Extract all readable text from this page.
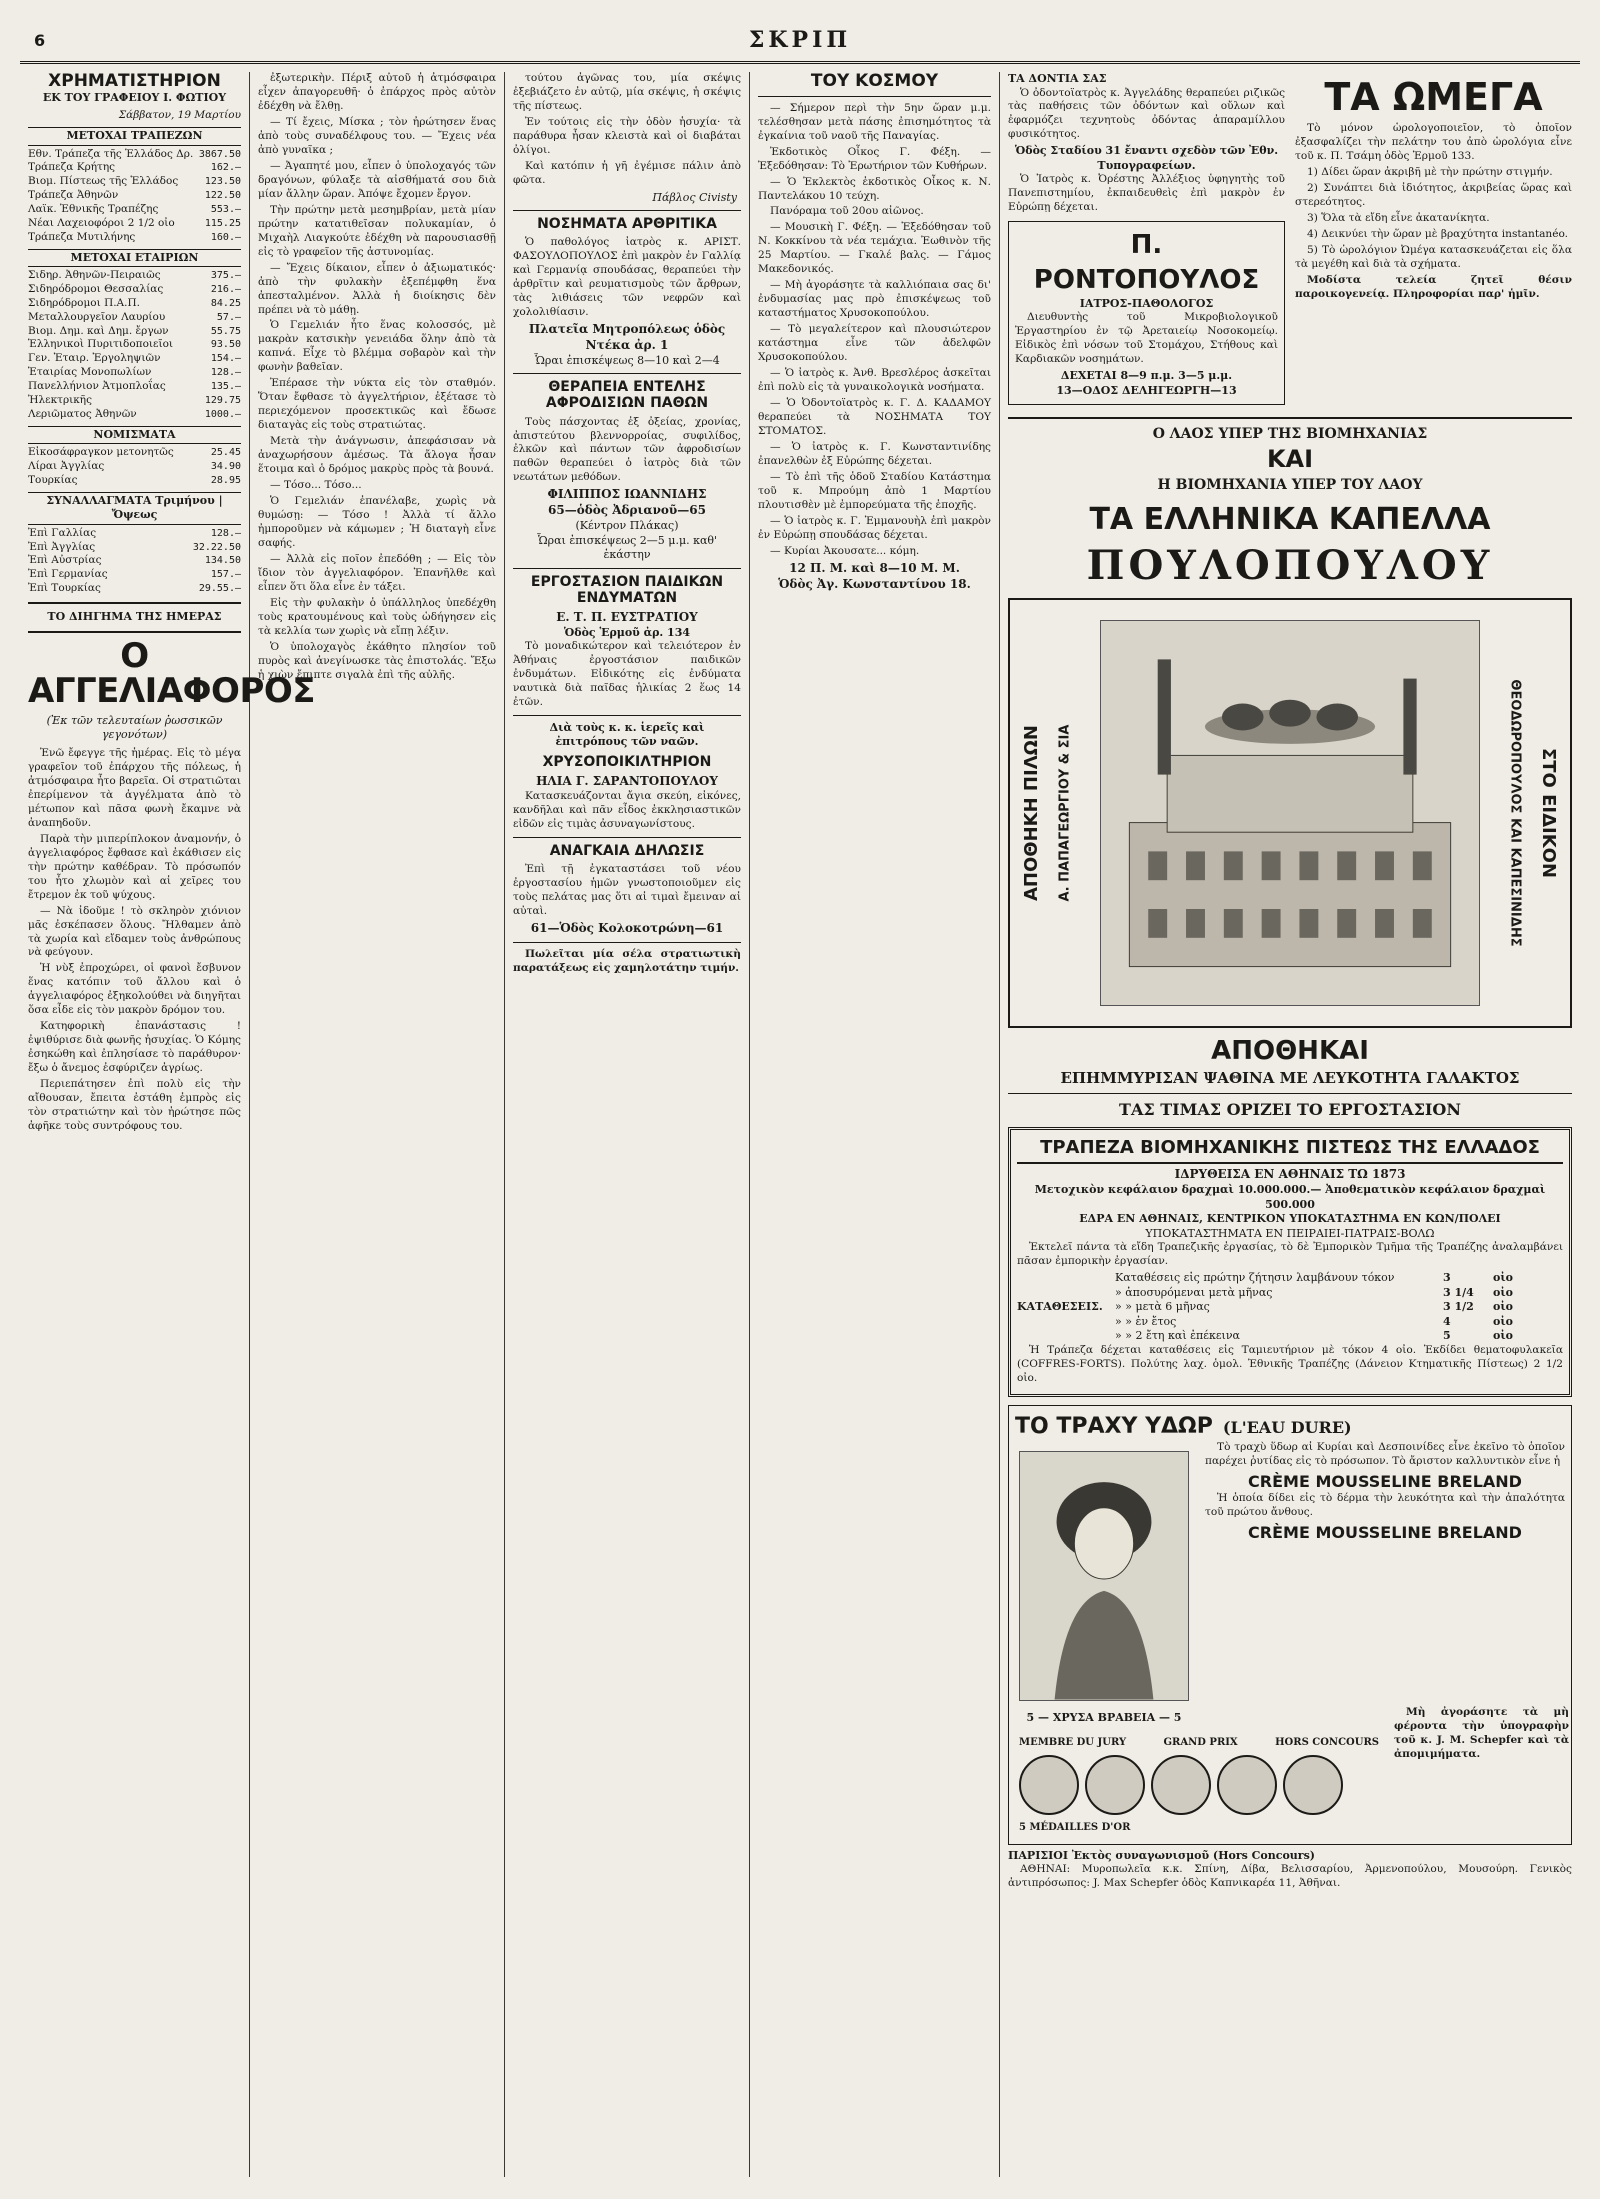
6	ΣΚΡΙΠ
ΧΡΗΜΑΤΙΣΤΗΡΙΟΝ
ΕΚ ΤΟΥ ΓΡΑΦΕΙΟΥ Ι. ΦΩΤΙΟΥ
Σάββατον, 19 Μαρτίου
ΜΕΤΟΧΑΙ ΤΡΑΠΕΖΩΝ
Εθν. Τράπεζα τῆς Ἑλλάδος Δρ. 3867.50
Τράπεζα Κρήτης	162.—
Βιομ. Πίστεως τῆς Ἑλλάδος	123.50
Τράπεζα Ἀθηνῶν	122.50
Λαϊκ. Ἐθνικῆς Τραπέζης	553.—
Νέαι Λαχειοφόροι 2 1/2 οἰο	115.25
Τράπεζα Μυτιλήνης	160.—
ΜΕΤΟΧΑΙ ΕΤΑΙΡΙΩΝ
Σιδηρ. Ἀθηνῶν-Πειραιῶς	375.—
Σιδηρόδρομοι Θεσσαλίας	216.—
Σιδηρόδρομοι Π.Α.Π.	84.25
Μεταλλουργεῖον Λαυρίου	57.—
Βιομ. Δημ. καὶ Δημ. ἔργων	55.75
Ἑλληνικοὶ Πυριτιδοποιεῖοι	93.50
Γεν. Ἑταιρ. Ἐργοληψιῶν	154.—
Ἑταιρίας Μονοπωλίων	128.—
Πανελλήνιον Ἀτμοπλοΐας	135.—
Ἠλεκτρικῆς	129.75
Λεριῶματος Ἀθηνῶν	1000.—
ΝΟΜΙΣΜΑΤΑ
Εἰκοσάφραγκον μετονητῶς	25.45
Λίραι Ἀγγλίας	34.90
Τουρκίας	28.95
ΣΥΝΑΛΛΑΓΜΑΤΑ Τριμήνου | Ὄψεως
Ἐπὶ Γαλλίας	128.—
Ἐπὶ Ἀγγλίας	32.22.50
Ἐπὶ Αὐστρίας	134.50
Ἐπὶ Γερμανίας	157.—
Ἐπὶ Τουρκίας	29.55.—
ΤΟ ΔΙΗΓΗΜΑ ΤΗΣ ΗΜΕΡΑΣ
Ο ΑΓΓΕΛΙΑΦΟΡΟΣ
(Ἐκ τῶν τελευταίων ῥωσσικῶν γεγονότων)

Ἐνῶ ἔφεγγε τῆς ἡμέρας. Εἰς τὸ μέγα γραφεῖον τοῦ ἐπάρχου τῆς πόλεως, ἡ ἀτμόσφαιρα ἦτο βαρεῖα. Οἱ στρατιῶται ἐπερίμενον τὰ ἀγγέλματα ἀπὸ τὸ μέτωπον καὶ πᾶσα φωνὴ ἔκαμνε νὰ ἀναπηδοῦν.

Παρὰ τὴν μιπερίπλοκον ἀναμονήν, ὁ ἀγγελιαφόρος ἔφθασε καὶ ἐκάθισεν εἰς τὴν πρώτην καθέδραν. Τὸ πρόσωπόν του ἦτο χλωμὸν καὶ αἱ χεῖρες του ἔτρεμον ἐκ τοῦ ψύχους.

— Νὰ ἰδοῦμε ! τὸ σκληρὸν χιόνιον μᾶς ἐσκέπασεν ὅλους. Ἤλθαμεν ἀπὸ τὰ χωρία καὶ εἴδαμεν τοὺς ἀνθρώπους νὰ φεύγουν.

Ἡ νὺξ ἐπροχώρει, οἱ φανοὶ ἔσβυνον ἕνας κατόπιν τοῦ ἄλλου καὶ ὁ ἀγγελιαφόρος ἐξηκολούθει νὰ διηγῆται ὅσα εἶδε εἰς τὸν μακρὸν δρόμον του.

Κατηφορικὴ ἐπανάστασις ! ἐψιθύρισε διὰ φωνῆς ἠσυχίας. Ὁ Κόμης ἐσηκώθη καὶ ἐπλησίασε τὸ παράθυρον· ἔξω ὁ ἄνεμος ἐσφύριζεν ἀγρίως.

Περιεπάτησεν ἐπὶ πολὺ εἰς τὴν αἴθουσαν, ἔπειτα ἐστάθη ἐμπρὸς εἰς τὸν στρατιώτην καὶ τὸν ἠρώτησε πῶς ἀφῆκε τοὺς συντρόφους του.

ἐξωτερικὴν. Πέριξ αὐτοῦ ἡ ἀτμόσφαιρα εἶχεν ἀπαγορευθῆ· ὁ ἐπάρχος πρὸς αὐτὸν ἐδέχθη νὰ ἔλθῃ.

— Τί ἔχεις, Μίσκα ; τὸν ἠρώτησεν ἕνας ἀπὸ τοὺς συναδέλφους του. — Ἔχεις νέα ἀπὸ γυναῖκα ;

— Ἀγαπητέ μου, εἶπεν ὁ ὑπολοχαγός τῶν δραγόνων, φύλαξε τὰ αἰσθήματά σου διὰ μίαν ἄλλην ὥραν. Ἀπόψε ἔχομεν ἔργον.

Τὴν πρώτην μετὰ μεσημβρίαν, μετὰ μίαν πρώτην κατατιθεῖσαν πολυκαμίαν, ὁ Μιχαὴλ Λιαγκούτε ἐδέχθη νὰ παρουσιασθῇ εἰς τὸ γραφεῖον τῆς ἀστυνομίας.

— Ἔχεις δίκαιον, εἶπεν ὁ ἀξιωματικός· ἀπὸ τὴν φυλακὴν ἐξεπέμφθη ἕνα ἀπεσταλμένον. Ἀλλὰ ἡ διοίκησις δὲν πρέπει νὰ τὸ μάθῃ.

Ὁ Γεμελιάν ἦτο ἕνας κολοσσός, μὲ μακρὰν κατσικὴν γενειάδα ὅλην ἀπὸ τὰ καπνά. Εἶχε τὸ βλέμμα σοβαρὸν καὶ τὴν φωνὴν βαθεῖαν.

Ἐπέρασε τὴν νύκτα εἰς τὸν σταθμόν. Ὅταν ἔφθασε τὸ ἀγγελτήριον, ἐξέτασε τὸ περιεχόμενον προσεκτικῶς καὶ ἔδωσε διαταγὰς εἰς τοὺς στρατιώτας.

Μετὰ τὴν ἀνάγνωσιν, ἀπεφάσισαν νὰ ἀναχωρήσουν ἀμέσως. Τὰ ἄλογα ἦσαν ἕτοιμα καὶ ὁ δρόμος μακρὺς πρὸς τὰ βουνά.

— Τόσο... Τόσο...

Ὁ Γεμελιάν ἐπανέλαβε, χωρὶς νὰ θυμώσῃ: — Τόσο ! Ἀλλὰ τί ἄλλο ἠμποροῦμεν νὰ κάμωμεν ; Ἡ διαταγὴ εἶνε σαφής.

— Ἀλλὰ εἰς ποῖον ἐπεδόθη ; — Εἰς τὸν ἴδιον τὸν ἀγγελιαφόρον. Ἐπανῆλθε καὶ εἶπεν ὅτι ὅλα εἶνε ἐν τάξει.

Εἰς τὴν φυλακὴν ὁ ὑπάλληλος ὑπεδέχθη τοὺς κρατουμένους καὶ τοὺς ὡδήγησεν εἰς τὰ κελλία των χωρὶς νὰ εἴπῃ λέξιν.

Ὁ ὑπολοχαγὸς ἐκάθητο πλησίον τοῦ πυρὸς καὶ ἀνεγίνωσκε τὰς ἐπιστολάς. Ἔξω ἡ χιὼν ἔπιπτε σιγαλὰ ἐπὶ τῆς αὐλῆς.

τούτου ἀγῶνας του, μία σκέψις ἐξεβιάζετο ἐν αὐτῷ, μία σκέψις, ἡ σκέψις τῆς πίστεως.

Ἐν τούτοις εἰς τὴν ὁδὸν ἡσυχία· τὰ παράθυρα ἦσαν κλειστὰ καὶ οἱ διαβάται ὀλίγοι.

Καὶ κατόπιν ἡ γῆ ἐγέμισε πάλιν ἀπὸ φῶτα.

Πάβλος Civisty
ΝΟΣΗΜΑΤΑ ΑΡΘΡΙΤΙΚΑ

Ὁ παθολόγος ἰατρὸς κ. ΑΡΙΣΤ. ΦΑΣΟΥΛΟΠΟΥΛΟΣ ἐπὶ μακρὸν ἐν Γαλλίᾳ καὶ Γερμανίᾳ σπουδάσας, θεραπεύει τὴν ἀρθρῖτιν καὶ ρευματισμοὺς τῶν ἄρθρων, τὰς λιθιάσεις τῶν νεφρῶν καὶ χολολιθίασιν.

Πλατεῖα Μητροπόλεως ὁδὸς Ντέκα ἀρ. 1
Ὧραι ἐπισκέψεως 8—10 καὶ 2—4
ΘΕΡΑΠΕΙΑ ΕΝΤΕΛΗΣ ΑΦΡΟΔΙΣΙΩΝ ΠΑΘΩΝ

Τοὺς πάσχοντας ἐξ ὀξείας, χρονίας, ἀπιστεύτου βλεννορροίας, συφιλίδος, ἐλκῶν καὶ πάντων τῶν ἀφροδισίων παθῶν θεραπεύει ὁ ἰατρὸς διὰ τῶν νεωτάτων μεθόδων.

ΦΙΛΙΠΠΟΣ ΙΩΑΝΝΙΔΗΣ
65—ὁδὸς Ἀδριανοῦ—65
(Κέντρον Πλάκας)
Ὧραι ἐπισκέψεως 2—5 μ.μ. καθ' ἑκάστην
ΕΡΓΟΣΤΑΣΙΟΝ ΠΑΙΔΙΚΩΝ ΕΝΔΥΜΑΤΩΝ
Ε. Τ. Π. ΕΥΣΤΡΑΤΙΟΥ
Ὁδὸς Ἑρμοῦ ἀρ. 134

Τὸ μοναδικώτερον καὶ τελειότερον ἐν Ἀθήναις ἐργοστάσιον παιδικῶν ἐνδυμάτων. Εἰδικότης εἰς ἐνδύματα ναυτικὰ διὰ παῖδας ἡλικίας 2 ἕως 14 ἐτῶν.

Διὰ τοὺς κ. κ. ἱερεῖς καὶ ἐπιτρόπους τῶν ναῶν.
ΧΡΥΣΟΠΟΙΚΙΛΤΗΡΙΟΝ
ΗΛΙΑ Γ. ΣΑΡΑΝΤΟΠΟΥΛΟΥ

Κατασκευάζονται ἄγια σκεύη, εἰκόνες, κανδῆλαι καὶ πᾶν εἶδος ἐκκλησιαστικῶν εἰδῶν εἰς τιμὰς ἀσυναγωνίστους.

ΑΝΑΓΚΑΙΑ ΔΗΛΩΣΙΣ

Ἐπὶ τῇ ἐγκαταστάσει τοῦ νέου ἐργοστασίου ἡμῶν γνωστοποιοῦμεν εἰς τοὺς πελάτας μας ὅτι αἱ τιμαὶ ἔμειναν αἱ αὐταὶ.

61—Ὁδὸς Κολοκοτρώνη—61

Πωλεῖται μία σέλα στρατιωτικὴ παρατάξεως εἰς χαμηλοτάτην τιμήν.

ΤΟΥ ΚΟΣΜΟΥ

— Σήμερον περὶ τὴν 5ην ὥραν μ.μ. τελέσθησαν μετὰ πάσης ἐπισημότητος τὰ ἐγκαίνια τοῦ ναοῦ τῆς Παναγίας.

Ἐκδοτικὸς Οἶκος Γ. Φέξη. — Ἐξεδόθησαν: Τὸ Ἐρωτήριον τῶν Κυθήρων.

— Ὁ Ἐκλεκτὸς ἐκδοτικὸς Οἶκος κ. Ν. Παντελάκου 10 τεύχη.

Πανόραμα τοῦ 20ου αἰῶνος.

— Μουσικὴ Γ. Φέξη. — Ἐξεδόθησαν τοῦ Ν. Κοκκίνου τὰ νέα τεμάχια. Ἐωθινὸν τῆς 25 Μαρτίου. — Γκαλέ βαλς. — Γάμος Μακεδονικός.

— Μὴ ἀγοράσητε τὰ καλλιόπαια σας δι' ἐνδυμασίας μας πρὸ ἐπισκέψεως τοῦ καταστήματος Χρυσοκοπούλου.

— Τὸ μεγαλείτερον καὶ πλουσιώτερον κατάστημα εἶνε τῶν ἀδελφῶν Χρυσοκοπούλου.

— Ὁ ἰατρὸς κ. Ἀνθ. Βρεσλέρος ἀσκεῖται ἐπὶ πολὺ εἰς τὰ γυναικολογικὰ νοσήματα.

— Ὁ Ὀδοντοϊατρὸς κ. Γ. Δ. ΚΑΔΑΜΟΥ θεραπεύει τὰ ΝΟΣΗΜΑΤΑ ΤΟΥ ΣΤΟΜΑΤΟΣ.

— Ὁ ἰατρὸς κ. Γ. Κωνσταντινίδης ἐπανελθὼν ἐξ Εὐρώπης δέχεται.

— Τὸ ἐπὶ τῆς ὁδοῦ Σταδίου Κατάστημα τοῦ κ. Μπρούμη ἀπὸ 1 Μαρτίου πλουτισθὲν μὲ ἐμπορεύματα τῆς ἐποχῆς.

— Ὁ ἰατρὸς κ. Γ. Ἐμμανουὴλ ἐπὶ μακρὸν ἐν Εὐρώπῃ σπουδάσας δέχεται.

— Κυρίαι Ἀκουσατε... κόμη.

12 Π. Μ. καὶ 8—10 Μ. Μ.
Ὁδὸς Ἀγ. Κωνσταντίνου 18.
ΤΑ ΔΟΝΤΙΑ ΣΑΣ

Ὁ ὀδοντοϊατρὸς κ. Ἀγγελάδης θεραπεύει ριζικῶς τὰς παθήσεις τῶν ὀδόντων καὶ οὔλων καὶ ἐφαρμόζει τεχνητοὺς ὀδόντας ἀπαραμίλλου φυσικότητος.

Ὁδὸς Σταδίου 31 ἔναντι σχεδὸν τῶν Ἐθν. Τυπογραφείων.

Ὁ Ἰατρὸς κ. Ὀρέστης Ἀλλέξιος ὑφηγητὴς τοῦ Πανεπιστημίου, ἐκπαιδευθεὶς ἐπὶ μακρὸν ἐν Εὐρώπῃ δέχεται.

Π. ΡΟΝΤΟΠΟΥΛΟΣ
ΙΑΤΡΟΣ-ΠΑΘΟΛΟΓΟΣ

Διευθυντὴς τοῦ Μικροβιολογικοῦ Ἐργαστηρίου ἐν τῷ Ἀρεταιείῳ Νοσοκομείῳ. Εἰδικὸς ἐπὶ νόσων τοῦ Στομάχου, Στήθους καὶ Καρδιακῶν νοσημάτων.

ΔΕΧΕΤΑΙ 8—9 π.μ. 3—5 μ.μ.
13—ΟΔΟΣ ΔΕΛΗΓΕΩΡΓΗ—13
ΤΑ ΩΜΕΓΑ

Τὸ μόνον ὡρολογοποιεῖον, τὸ ὁποῖον ἐξασφαλίζει τὴν πελάτην του ἀπὸ ὡρολόγια εἶνε τοῦ κ. Π. Τσάμη ὁδὸς Ἑρμοῦ 133.

1) Δίδει ὥραν ἀκριβῆ μὲ τὴν πρώτην στιγμήν.

2) Συνάπτει διὰ ἰδιότητος, ἀκριβείας ὥρας καὶ στερεότητος.

3) Ὅλα τὰ εἴδη εἶνε ἀκατανίκητα.

4) Δεικνύει τὴν ὥραν μὲ βραχύτητα instantanéo.

5) Τὸ ὡρολόγιον Ὠμέγα κατασκευάζεται εἰς ὅλα τὰ μεγέθη καὶ διὰ τὰ σχήματα.

Μοδίστα τελεία ζητεῖ θέσιν παροικογενείᾳ. Πληροφορίαι παρ' ἡμῖν.

Ο ΛΑΟΣ ΥΠΕΡ ΤΗΣ ΒΙΟΜΗΧΑΝΙΑΣ
ΚΑΙ
Η ΒΙΟΜΗΧΑΝΙΑ ΥΠΕΡ ΤΟΥ ΛΑΟΥ
ΤΑ ΕΛΛΗΝΙΚΑ ΚΑΠΕΛΛΑ
ΠΟΥΛΟΠΟΥΛΟΥ
ΑΠΟΘΗΚΗ ΠΙΛΩΝ Α. ΠΑΠΑΓΕΩΡΓΙΟΥ & ΣΙΑ	ΘΕΟΔΩΡΟΠΟΥΛΟΣ ΚΑΙ ΚΑΠΕΣΙΝΙΔΗΣ ΣΤΟ ΕΙΔΙΚΟΝ
ΑΠΟΘΗΚΑΙ
ΕΠΗΜΜΥΡΙΣΑΝ ΨΑΘΙΝΑ ΜΕ ΛΕΥΚΟΤΗΤΑ ΓΑΛΑΚΤΟΣ
ΤΑΣ ΤΙΜΑΣ ΟΡΙΖΕΙ ΤΟ ΕΡΓΟΣΤΑΣΙΟΝ
ΤΡΑΠΕΖΑ ΒΙΟΜΗΧΑΝΙΚΗΣ ΠΙΣΤΕΩΣ ΤΗΣ ΕΛΛΑΔΟΣ
ΙΔΡΥΘΕΙΣΑ ΕΝ ΑΘΗΝΑΙΣ ΤΩ 1873
Μετοχικὸν κεφάλαιον δραχμαὶ 10.000.000.— Ἀποθεματικὸν κεφάλαιον δραχμαὶ 500.000
ΕΔΡΑ ΕΝ ΑΘΗΝΑΙΣ, ΚΕΝΤΡΙΚΟΝ ΥΠΟΚΑΤΑΣΤΗΜΑ ΕΝ ΚΩΝ/ΠΟΛΕΙ
ΥΠΟΚΑΤΑΣΤΗΜΑΤΑ ΕΝ ΠΕΙΡΑΙΕΙ-ΠΑΤΡΑΙΣ-ΒΟΛΩ

Ἐκτελεῖ πάντα τὰ εἴδη Τραπεζικῆς ἐργασίας, τὸ δὲ Ἐμπορικὸν Τμῆμα τῆς Τραπέζης ἀναλαμβάνει πᾶσαν ἐμπορικὴν ἐργασίαν.

ΚΑΤΑΘΕΣΕΙΣ.
Καταθέσεις εἰς πρώτην ζήτησιν λαμβάνουν τόκον	3	οἰο
» ἀποσυρόμεναι μετὰ μῆνας	3 1/4	οἰο
» » μετὰ 6 μῆνας	3 1/2	οἰο
» » ἐν ἔτος	4	οἰο
» » 2 ἔτη καὶ ἐπέκεινα	5	οἰο

Ἡ Τράπεζα δέχεται καταθέσεις εἰς Ταμιευτήριον μὲ τόκον 4 οἰο. Ἐκδίδει θεματοφυλακεῖα (COFFRES-FORTS). Πολύτης λαχ. ὁμολ. Ἐθνικῆς Τραπέζης (Δάνειον Κτηματικῆς Πίστεως) 2 1/2 οἰο.

ΤΟ ΤΡΑΧΥ ΥΔΩΡ (L'EAU DURE)

Τὸ τραχὺ ὕδωρ αἱ Κυρίαι καὶ Δεσποινίδες εἶνε ἐκεῖνο τὸ ὁποῖον παρέχει ῥυτίδας εἰς τὸ πρόσωπον. Τὸ ἄριστον καλλυντικὸν εἶνε ἡ

CRÈME MOUSSELINE BRELAND

Ἡ ὁποία δίδει εἰς τὸ δέρμα τὴν λευκότητα καὶ τὴν ἀπαλότητα τοῦ πρώτου ἄνθους.

CRÈME MOUSSELINE BRELAND
5 — ΧΡΥΣΑ ΒΡΑΒΕΙΑ — 5
MEMBRE DU JURY	GRAND PRIX	HORS CONCOURS
5 MÉDAILLES D'OR

Μὴ ἀγοράσητε τὰ μὴ φέροντα τὴν ὑπογραφὴν τοῦ κ. J. M. Schepfer καὶ τὰ ἀπομιμήματα.

ΠΑΡΙΣΙΟΙ Ἐκτὸς συναγωνισμοῦ (Hors Concours)

ΑΘΗΝΑΙ: Μυροπωλεῖα κ.κ. Σπίνη, Δίβα, Βελισσαρίου, Ἀρμενοπούλου, Μουσούρη. Γενικὸς ἀντιπρόσωπος: J. Max Schepfer ὁδὸς Καπνικαρέα 11, Ἀθῆναι.
